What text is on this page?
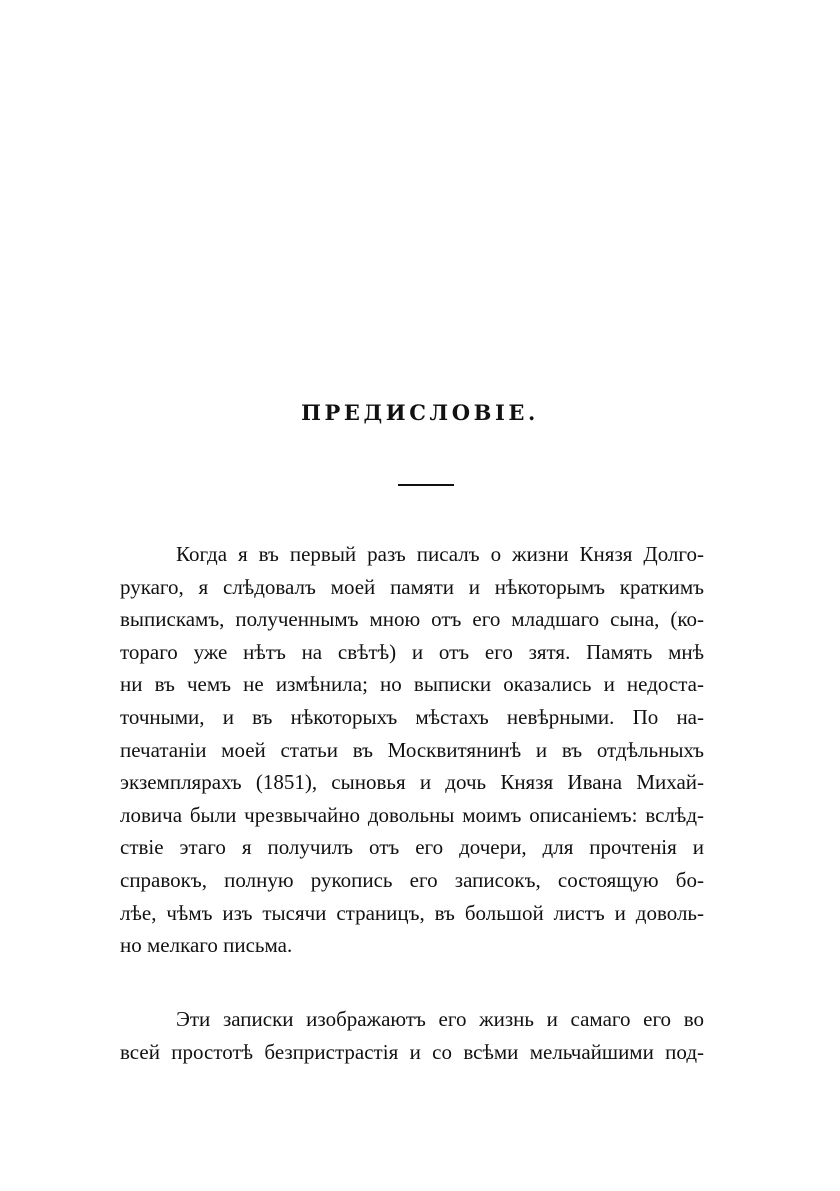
ПРЕДИСЛОВІЕ.
Когда я въ первый разъ писалъ о жизни Князя Долго-
рукаго, я слѣдовалъ моей памяти и нѣкоторымъ краткимъ
выпискамъ, полученнымъ мною отъ его младшаго сына, (ко-
тораго уже нѣтъ на свѣтѣ) и отъ его зятя. Память мнѣ
ни въ чемъ не измѣнила; но выписки оказались и недоста-
точными, и въ нѣкоторыхъ мѣстахъ невѣрными. По на-
печатаніи моей статьи въ Москвитянинѣ и въ отдѣльныхъ
экземплярахъ (1851), сыновья и дочь Князя Ивана Михай-
ловича были чрезвычайно довольны моимъ описаніемъ: вслѣд-
ствіе этаго я получилъ отъ его дочери, для прочтенія и
справокъ, полную рукопись его записокъ, состоящую бо-
лѣе, чѣмъ изъ тысячи страницъ, въ большой листъ и доволь-
но мелкаго письма.
Эти записки изображаютъ его жизнь и самаго его во
всей простотѣ безпристрастія и со всѣми мельчайшими под-
